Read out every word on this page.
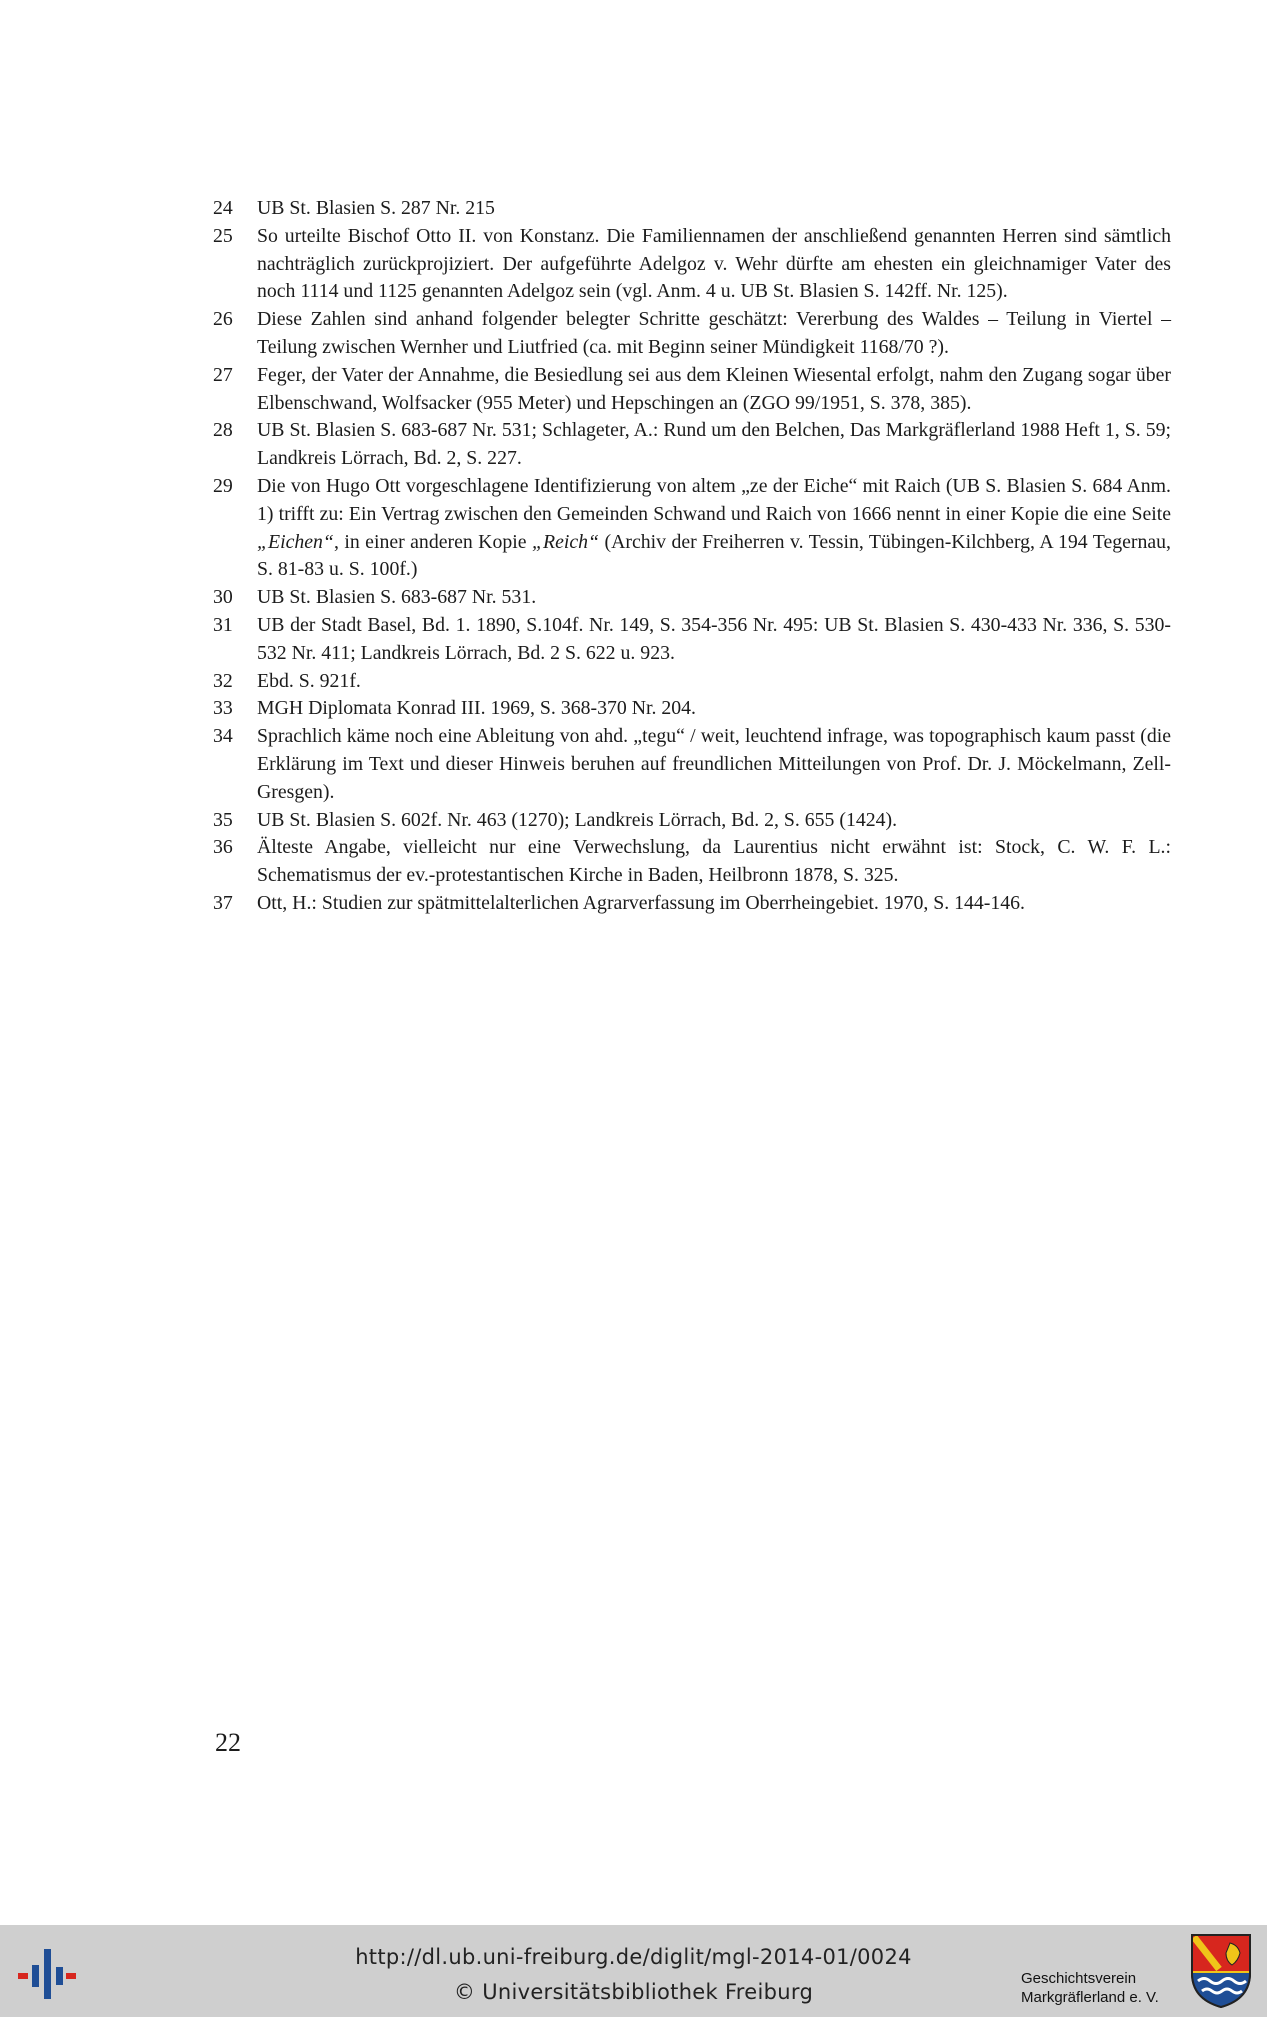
24	UB St. Blasien S. 287 Nr. 215
25	So urteilte Bischof Otto II. von Konstanz. Die Familiennamen der anschließend genannten Herren sind sämtlich nachträglich zurückprojiziert. Der aufgeführte Adelgoz v. Wehr dürfte am ehesten ein gleichnamiger Vater des noch 1114 und 1125 genannten Adelgoz sein (vgl. Anm. 4 u. UB St. Blasien S. 142ff. Nr. 125).
26	Diese Zahlen sind anhand folgender belegter Schritte geschätzt: Vererbung des Waldes – Teilung in Viertel – Teilung zwischen Wernher und Liutfried (ca. mit Beginn seiner Mündigkeit 1168/70 ?).
27	Feger, der Vater der Annahme, die Besiedlung sei aus dem Kleinen Wiesental erfolgt, nahm den Zugang sogar über Elbenschwand, Wolfsacker (955 Meter) und Hepschingen an (ZGO 99/1951, S. 378, 385).
28	UB St. Blasien S. 683-687 Nr. 531; Schlageter, A.: Rund um den Belchen, Das Markgräflerland 1988 Heft 1, S. 59; Landkreis Lörrach, Bd. 2, S. 227.
29	Die von Hugo Ott vorgeschlagene Identifizierung von altem „ze der Eiche“ mit Raich (UB S. Blasien S. 684 Anm. 1) trifft zu: Ein Vertrag zwischen den Gemeinden Schwand und Raich von 1666 nennt in einer Kopie die eine Seite „Eichen“, in einer anderen Kopie „Reich“ (Archiv der Freiherren v. Tessin, Tübingen-Kilchberg, A 194 Tegernau, S. 81-83 u. S. 100f.)
30	UB St. Blasien S. 683-687 Nr. 531.
31	UB der Stadt Basel, Bd. 1. 1890, S.104f. Nr. 149, S. 354-356 Nr. 495: UB St. Blasien S. 430-433 Nr. 336, S. 530-532 Nr. 411; Landkreis Lörrach, Bd. 2 S. 622 u. 923.
32	Ebd. S. 921f.
33	MGH Diplomata Konrad III. 1969, S. 368-370 Nr. 204.
34	Sprachlich käme noch eine Ableitung von ahd. „tegu“ / weit, leuchtend infrage, was topographisch kaum passt (die Erklärung im Text und dieser Hinweis beruhen auf freundlichen Mitteilungen von Prof. Dr. J. Möckelmann, Zell-Gresgen).
35	UB St. Blasien S. 602f. Nr. 463 (1270); Landkreis Lörrach, Bd. 2, S. 655 (1424).
36	Älteste Angabe, vielleicht nur eine Verwechslung, da Laurentius nicht erwähnt ist: Stock, C. W. F. L.: Schematismus der ev.-protestantischen Kirche in Baden, Heilbronn 1878, S. 325.
37	Ott, H.: Studien zur spätmittelalterlichen Agrarverfassung im Oberrheingebiet. 1970, S. 144-146.
22
http://dl.ub.uni-freiburg.de/diglit/mgl-2014-01/0024
© Universitätsbibliothek Freiburg
Geschichtsverein
Markgräflerland e. V.
